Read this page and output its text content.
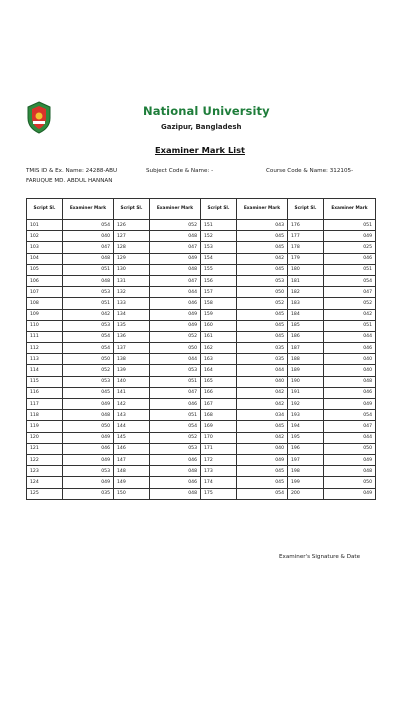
National University
Gazipur, Bangladesh
Examiner Mark List
TMIS ID & Ex. Name: 24288-ABU FARUQUE MD. ABDUL HANNAN
Subject Code & Name: -	Course Code & Name: 312105-
Script Sl.	Examiner Mark	Script Sl.	Examiner Mark	Script Sl.	Examiner Mark	Script Sl.	Examiner Mark
101	054	126	052	151	043	176	051
102	040	127	048	152	045	177	049
103	047	128	047	153	045	178	025
104	048	129	049	154	042	179	046
105	051	130	048	155	045	180	051
106	048	131	047	156	053	181	054
107	053	132	044	157	050	182	047
108	051	133	046	158	052	183	052
109	042	134	049	159	045	184	042
110	053	135	049	160	045	185	051
111	054	136	052	161	045	186	044
112	054	137	050	162	035	187	046
113	050	138	044	163	035	188	040
114	052	139	053	164	044	189	040
115	053	140	051	165	040	190	048
116	045	141	047	166	042	191	046
117	049	142	046	167	042	192	049
118	048	143	051	168	034	193	054
119	050	144	054	169	045	194	047
120	049	145	052	170	042	195	044
121	046	146	053	171	040	196	050
122	049	147	046	172	049	197	049
123	053	148	048	173	045	198	048
124	049	149	046	174	045	199	050
125	035	150	048	175	054	200	049
Examiner's Signature & Date
